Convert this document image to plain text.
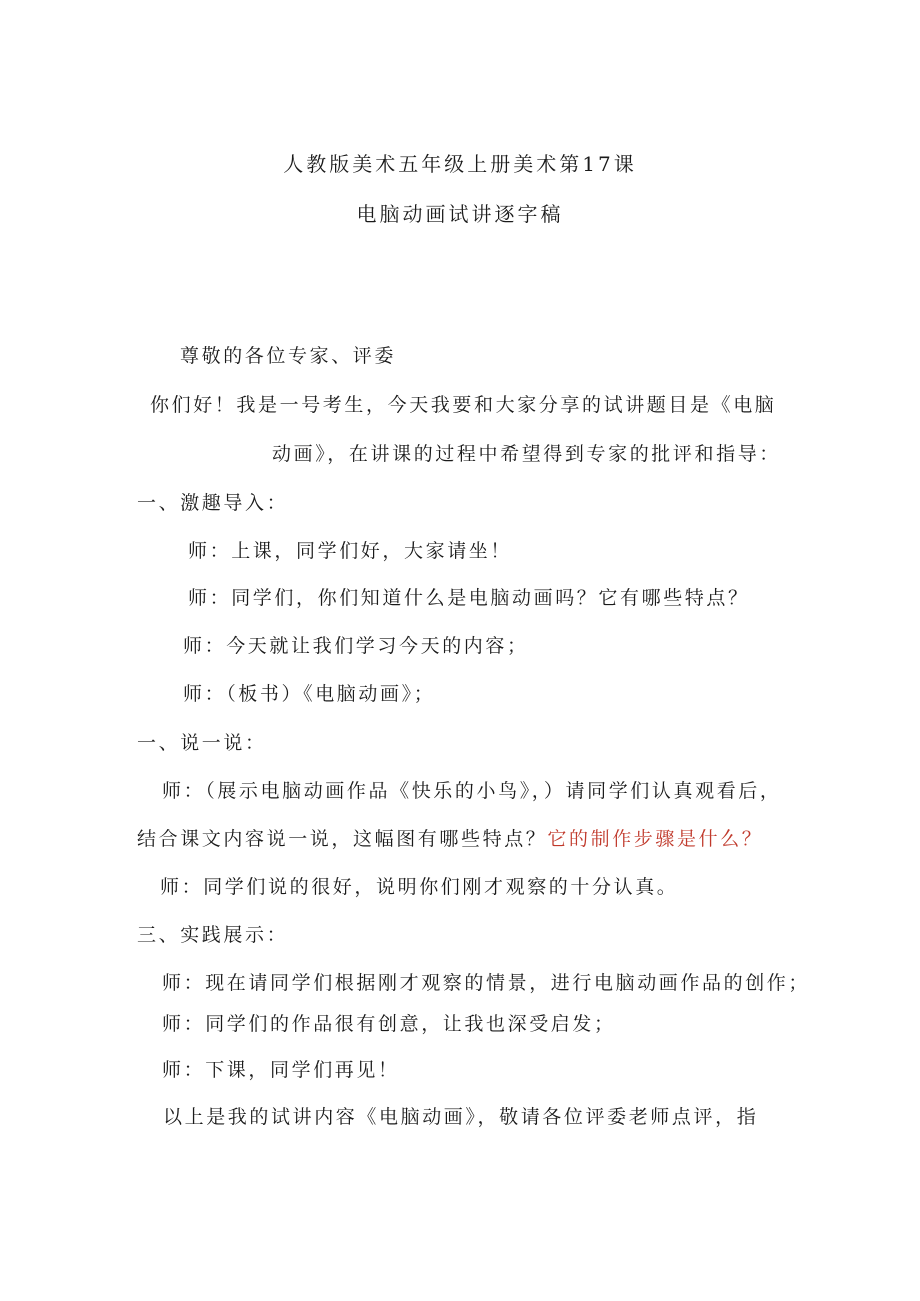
人教版美术五年级上册美术第17课
电脑动画试讲逐字稿
尊敬的各位专家、评委
你们好！我是一号考生，今天我要和大家分享的试讲题目是《电脑
动画》，在讲课的过程中希望得到专家的批评和指导：
一、激趣导入：
师：上课，同学们好，大家请坐！
师：同学们，你们知道什么是电脑动画吗？它有哪些特点？
师：今天就让我们学习今天的内容；
师：（板书）《电脑动画》；
一、说一说：
师：（展示电脑动画作品《快乐的小鸟》，）请同学们认真观看后，
结合课文内容说一说，这幅图有哪些特点？它的制作步骤是什么？
师：同学们说的很好，说明你们刚才观察的十分认真。
三、实践展示：
师：现在请同学们根据刚才观察的情景，进行电脑动画作品的创作；
师：同学们的作品很有创意，让我也深受启发；
师：下课，同学们再见！
以上是我的试讲内容《电脑动画》，敬请各位评委老师点评，指
